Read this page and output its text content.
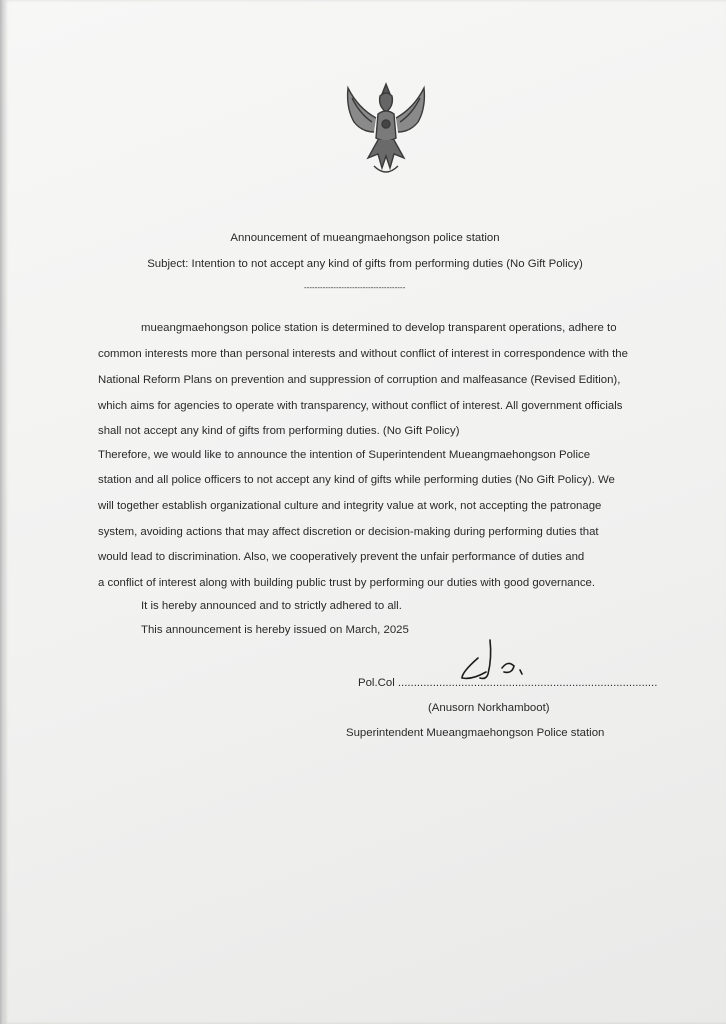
Announcement of mueangmaehongson police station
Subject: Intention to not accept any kind of gifts from performing duties (No Gift Policy)
--------------------------------------
mueangmaehongson police station is determined to develop transparent operations, adhere to
common interests more than personal interests and without conflict of interest in correspondence with the
National Reform Plans on prevention and suppression of corruption and malfeasance (Revised Edition),
which aims for agencies to operate with transparency, without conflict of interest. All government officials
shall not accept any kind of gifts from performing duties. (No Gift Policy)
Therefore, we would like to announce the intention of Superintendent Mueangmaehongson Police
station and all police officers to not accept any kind of gifts while performing duties (No Gift Policy). We
will together establish organizational culture and integrity value at work, not accepting the patronage
system, avoiding actions that may affect discretion or decision-making during performing duties that
would lead to discrimination. Also, we cooperatively prevent the unfair performance of duties and
a conflict of interest along with building public trust by performing our duties with good governance.
It is hereby announced and to strictly adhered to all.
This announcement is hereby issued on March, 2025
Pol.Col ..................................................................................
(Anusorn Norkhamboot)
Superintendent Mueangmaehongson Police station
